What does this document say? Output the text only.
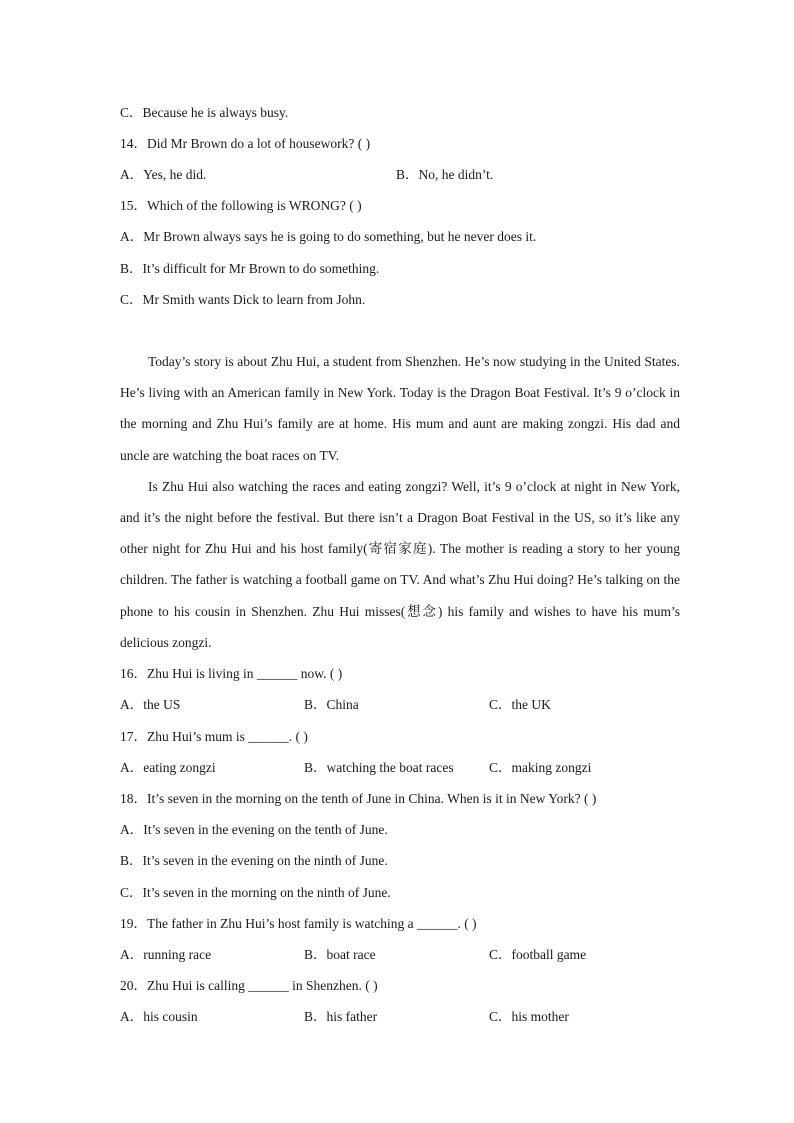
C．Because he is always busy.
14．Did Mr Brown do a lot of housework? ( )
A．Yes, he did.	B．No, he didn’t.
15．Which of the following is WRONG? ( )
A．Mr Brown always says he is going to do something, but he never does it.
B．It’s difficult for Mr Brown to do something.
C．Mr Smith wants Dick to learn from John.

Today’s story is about Zhu Hui, a student from Shenzhen. He’s now studying in the United States. He’s living with an American family in New York. Today is the Dragon Boat Festival. It’s 9 o’clock in the morning and Zhu Hui’s family are at home. His mum and aunt are making zongzi. His dad and uncle are watching the boat races on TV.

Is Zhu Hui also watching the races and eating zongzi? Well, it’s 9 o’clock at night in New York, and it’s the night before the festival. But there isn’t a Dragon Boat Festival in the US, so it’s like any other night for Zhu Hui and his host family(寄宿家庭). The mother is reading a story to her young children. The father is watching a football game on TV. And what’s Zhu Hui doing? He’s talking on the phone to his cousin in Shenzhen. Zhu Hui misses(想念) his family and wishes to have his mum’s delicious zongzi.

16．Zhu Hui is living in ______ now. ( )
A．the US	B．China	C．the UK
17．Zhu Hui’s mum is ______. ( )
A．eating zongzi	B．watching the boat races	C．making zongzi
18．It’s seven in the morning on the tenth of June in China. When is it in New York? ( )
A．It’s seven in the evening on the tenth of June.
B．It’s seven in the evening on the ninth of June.
C．It’s seven in the morning on the ninth of June.
19．The father in Zhu Hui’s host family is watching a ______. ( )
A．running race	B．boat race	C．football game
20．Zhu Hui is calling ______ in Shenzhen. ( )
A．his cousin	B．his father	C．his mother
